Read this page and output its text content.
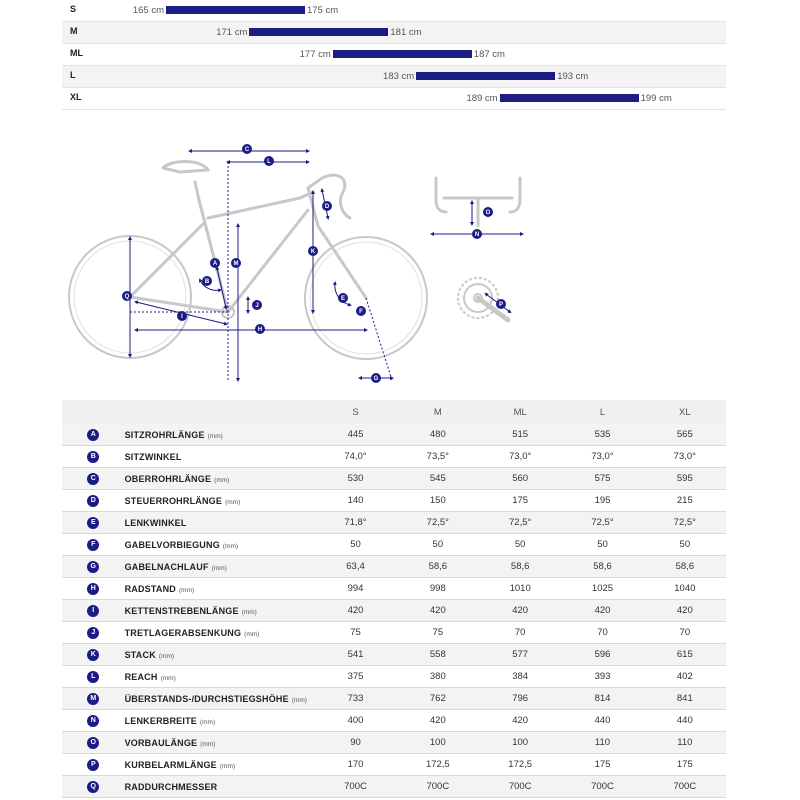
S	165 cm	175 cm
M	171 cm	181 cm
ML	177 cm	187 cm
L	183 cm	193 cm
XL	189 cm	199 cm
C
L
D
K
M
A
B
E
F
J
I
H
Q
G
N
O
P
		S	M	ML	L	XL
A	SITZROHRLÄNGE (mm)	445	480	515	535	565
B	SITZWINKEL	74,0°	73,5°	73,0°	73,0°	73,0°
C	OBERROHRLÄNGE (mm)	530	545	560	575	595
D	STEUERROHRLÄNGE (mm)	140	150	175	195	215
E	LENKWINKEL	71,8°	72,5°	72,5°	72,5°	72,5°
F	GABELVORBIEGUNG (mm)	50	50	50	50	50
G	GABELNACHLAUF (mm)	63,4	58,6	58,6	58,6	58,6
H	RADSTAND (mm)	994	998	1010	1025	1040
I	KETTENSTREBENLÄNGE (mm)	420	420	420	420	420
J	TRETLAGERABSENKUNG (mm)	75	75	70	70	70
K	STACK (mm)	541	558	577	596	615
L	REACH (mm)	375	380	384	393	402
M	ÜBERSTANDS-/DURCHSTIEGSHÖHE (mm)	733	762	796	814	841
N	LENKERBREITE (mm)	400	420	420	440	440
O	VORBAULÄNGE (mm)	90	100	100	110	110
P	KURBELARMLÄNGE (mm)	170	172,5	172,5	175	175
Q	RADDURCHMESSER	700C	700C	700C	700C	700C
